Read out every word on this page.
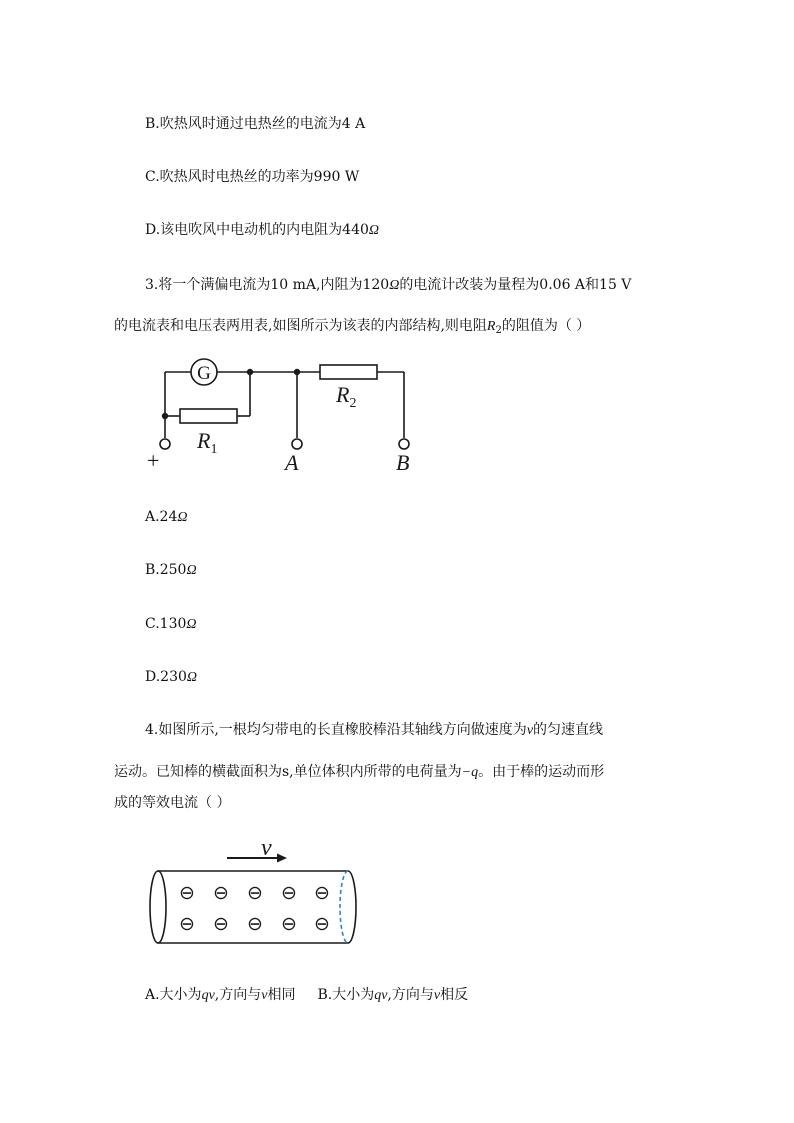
B.吹热风时通过电热丝的电流为4 A
C.吹热风时电热丝的功率为990 W
D.该电吹风中电动机的内电阻为440Ω
3.将一个满偏电流为10 mA,内阻为120Ω的电流计改装为量程为0.06 A和15 V
的电流表和电压表两用表,如图所示为该表的内部结构,则电阻$R_2$的阻值为（ ）
G
$R_1$
$R_2$
+	A	B
A.24Ω
B.250Ω
C.130Ω
D.230Ω
4.如图所示,一根均匀带电的长直橡胶棒沿其轴线方向做速度为v的匀速直线
运动。已知棒的横截面积为s,单位体积内所带的电荷量为−q。由于棒的运动而形
成的等效电流（ ）
v
⊖ ⊖ ⊖ ⊖ ⊖
⊖ ⊖ ⊖ ⊖ ⊖
A.大小为qv,方向与v相同 B.大小为qv,方向与v相反
